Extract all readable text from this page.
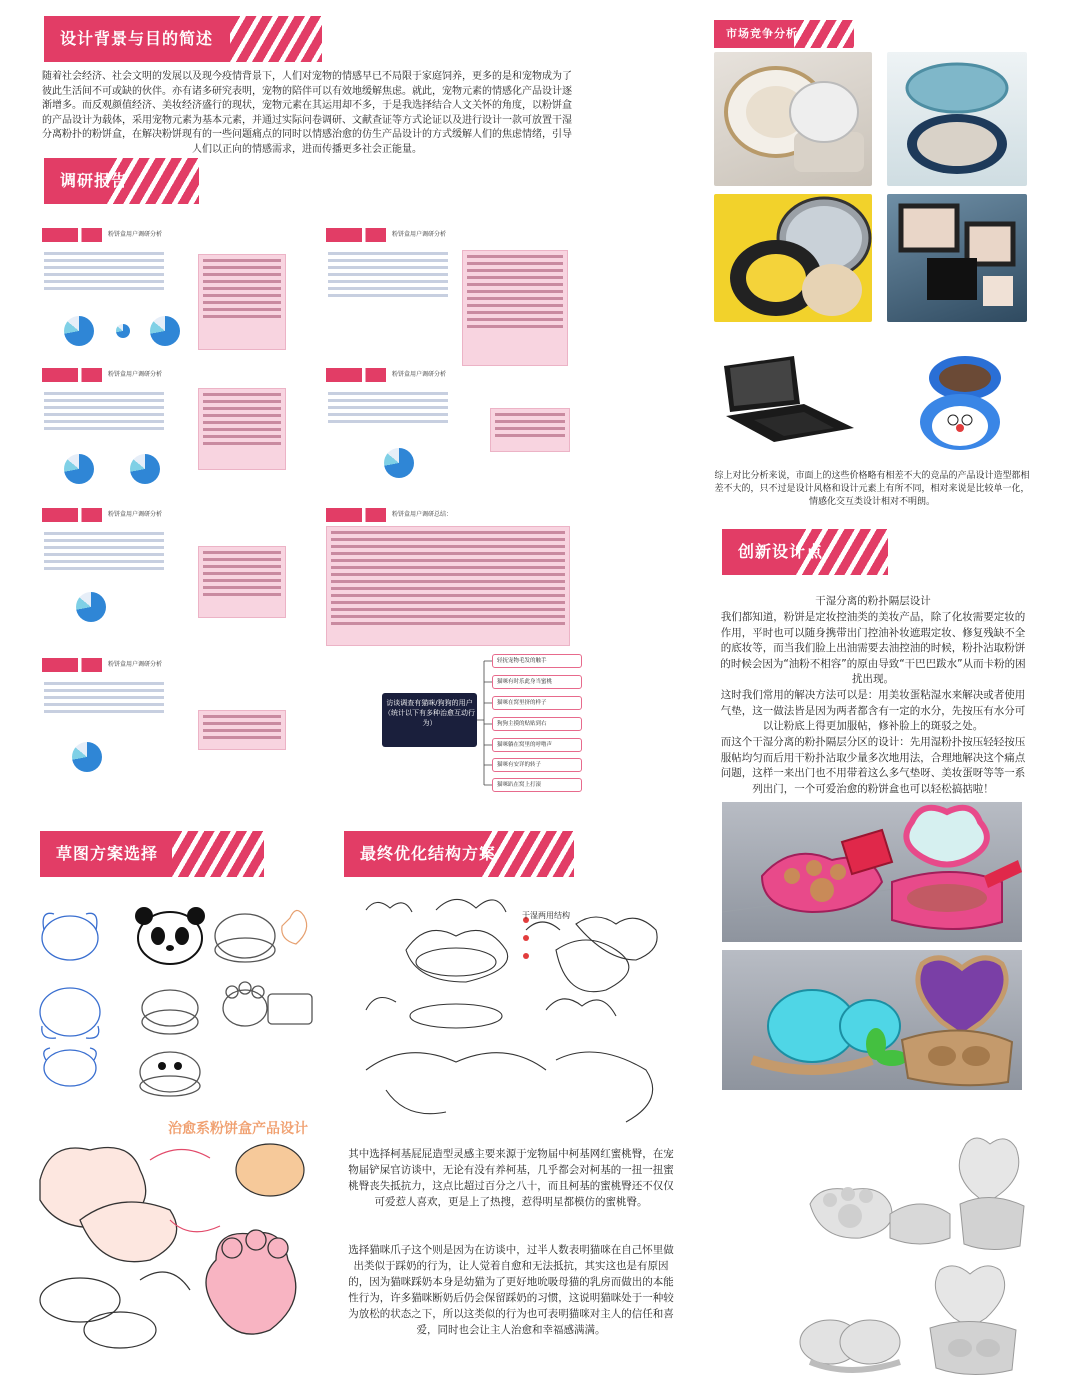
设计背景与目的简述
随着社会经济、社会文明的发展以及现今疫情背景下，人们对宠物的情感早已不局限于家庭饲养，更多的是和宠物成为了彼此生活间不可或缺的伙伴。亦有诸多研究表明，宠物的陪伴可以有效地缓解焦虑。就此，宠物元素的情感化产品设计逐渐增多。而反观颜值经济、美妆经济盛行的现状，宠物元素在其运用却不多，于是我选择结合人文关怀的角度，以粉饼盒的产品设计为载体，采用宠物元素为基本元素，并通过实际问卷调研、文献查证等方式论证以及进行设计一款可放置干湿分离粉扑的粉饼盒，在解决粉饼现有的一些问题痛点的同时以情感治愈的仿生产品设计的方式缓解人们的焦虑情绪，引导人们以正向的情感需求，进而传播更多社会正能量。
调研报告
粉饼盒用户调研分析	粉饼盒用户调研分析
粉饼盒用户调研分析	粉饼盒用户调研分析
粉饼盒用户调研分析	粉饼盒用户调研总结：
粉饼盒用户调研分析
访谈调查有猫咪/狗狗的用户（统计以下有多种治愈互动行为）
轻抚宠物毛发的触手
猫咪有时乐此身当蜜桃
猫咪在窝里挤的样子
狗狗主摸的贴贴到右
猫咪躺在窝里的呼噜声
猫咪有安详的转子
猫咪趴在窝上打滚
市场竞争分析
综上对比分析来说，市面上的这些价格略有相差不大的竞品的产品设计造型都相差不大的，只不过是设计风格和设计元素上有所不同，相对来说是比较单一化，情感化交互类设计相对不明朗。
创新设计点
干湿分离的粉扑隔层设计
我们都知道，粉饼是定妆控油类的美妆产品，除了化妆需要定妆的作用，平时也可以随身携带出门控油补妆遮瑕定妆、修复残缺不全的底妆等，而当我们脸上出油需要去油控油的时候，粉扑沾取粉饼的时候会因为“油粉不相容”的原由导致“干巴巴跋水”从而卡粉的困扰出现。
这时我们常用的解决方法可以是：用美妆蛋粘湿水来解决或者使用气垫，这一做法皆是因为两者都含有一定的水分，先按压有水分可以让粉底上得更加服帖，修补脸上的斑驳之处。
而这个干湿分离的粉扑隔层分区的设计：先用湿粉扑按压轻轻按压服帖均匀而后用干粉扑沾取少量多次地用法，合理地解决这个痛点问题，这样一来出门也不用带着这么多气垫呀、美妆蛋呀等等一系列出门，一个可爱治愈的粉饼盒也可以轻松搞掂啦！
草图方案选择
治愈系粉饼盒产品设计
最终优化结构方案
干湿两用结构
其中选择柯基屁屁造型灵感主要来源于宠物届中柯基网红蜜桃臀，在宠物届铲屎官访谈中，无论有没有养柯基，几乎都会对柯基的一扭一扭蜜桃臀丧失抵抗力，这点比超过百分之八十，而且柯基的蜜桃臀还不仅仅可爱惹人喜欢，更是上了热搜，惹得明星都模仿的蜜桃臀。
选择猫咪爪子这个则是因为在访谈中，过半人数表明猫咪在自己怀里做出类似于踩奶的行为，让人觉着自愈和无法抵抗，其实这也是有原因的，因为猫咪踩奶本身是幼猫为了更好地吮吸母猫的乳房而做出的本能性行为，许多猫咪断奶后仍会保留踩奶的习惯，这说明猫咪处于一种较为放松的状态之下，所以这类似的行为也可表明猫咪对主人的信任和喜爱，同时也会让主人治愈和幸福感满满。
